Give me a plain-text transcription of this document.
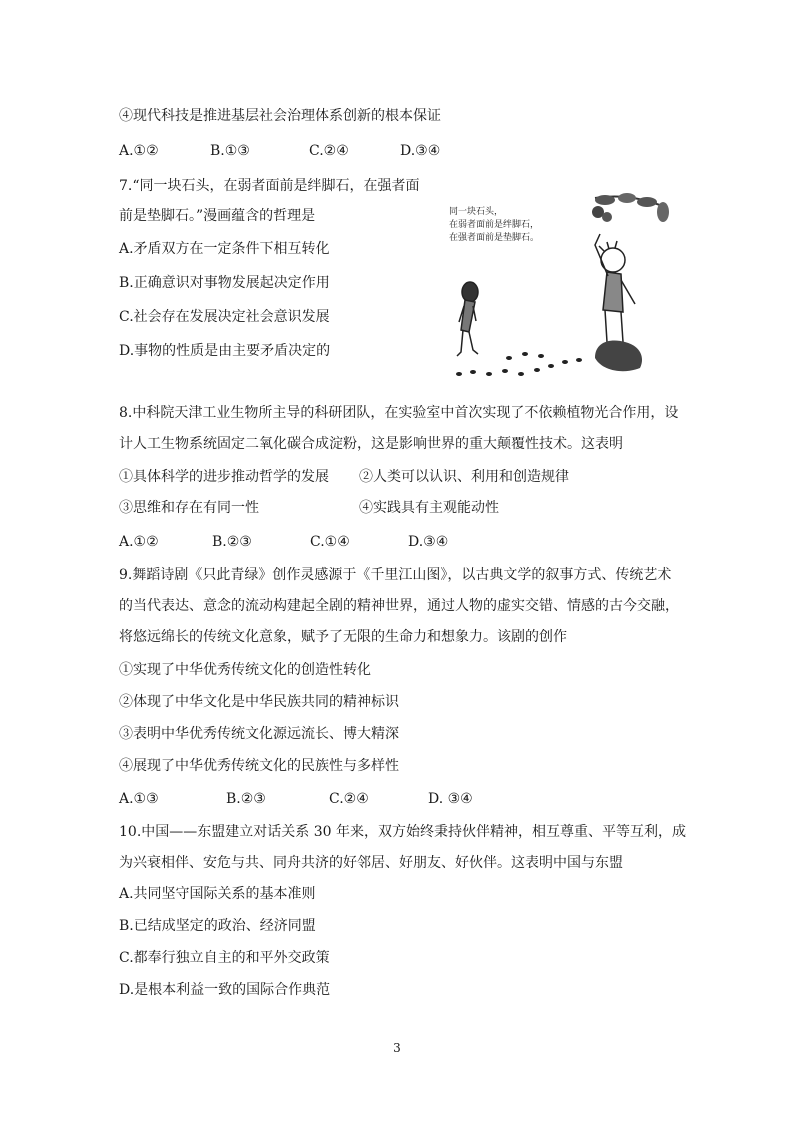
④现代科技是推进基层社会治理体系创新的根本保证
A.①②	B.①③	C.②④	D.③④
7.“同一块石头，在弱者面前是绊脚石，在强者面
前是垫脚石。”漫画蕴含的哲理是
A.矛盾双方在一定条件下相互转化
B.正确意识对事物发展起决定作用
C.社会存在发展决定社会意识发展
D.事物的性质是由主要矛盾决定的
同一块石头，
在弱者面前是绊脚石，
在强者面前是垫脚石。
8.中科院天津工业生物所主导的科研团队，在实验室中首次实现了不依赖植物光合作用，设
计人工生物系统固定二氧化碳合成淀粉，这是影响世界的重大颠覆性技术。这表明
①具体科学的进步推动哲学的发展 ②人类可以认识、利用和创造规律
③思维和存在有同一性	④实践具有主观能动性
A.①②	B.②③	C.①④	D.③④
9.舞蹈诗剧《只此青绿》创作灵感源于《千里江山图》，以古典文学的叙事方式、传统艺术
的当代表达、意念的流动构建起全剧的精神世界，通过人物的虚实交错、情感的古今交融，
将悠远绵长的传统文化意象，赋予了无限的生命力和想象力。该剧的创作
①实现了中华优秀传统文化的创造性转化
②体现了中华文化是中华民族共同的精神标识
③表明中华优秀传统文化源远流长、博大精深
④展现了中华优秀传统文化的民族性与多样性
A.①③	B.②③	C.②④	D. ③④
10.中国——东盟建立对话关系 30 年来，双方始终秉持伙伴精神，相互尊重、平等互利，成
为兴衰相伴、安危与共、同舟共济的好邻居、好朋友、好伙伴。这表明中国与东盟
A.共同坚守国际关系的基本准则
B.已结成坚定的政治、经济同盟
C.都奉行独立自主的和平外交政策
D.是根本利益一致的国际合作典范
3
